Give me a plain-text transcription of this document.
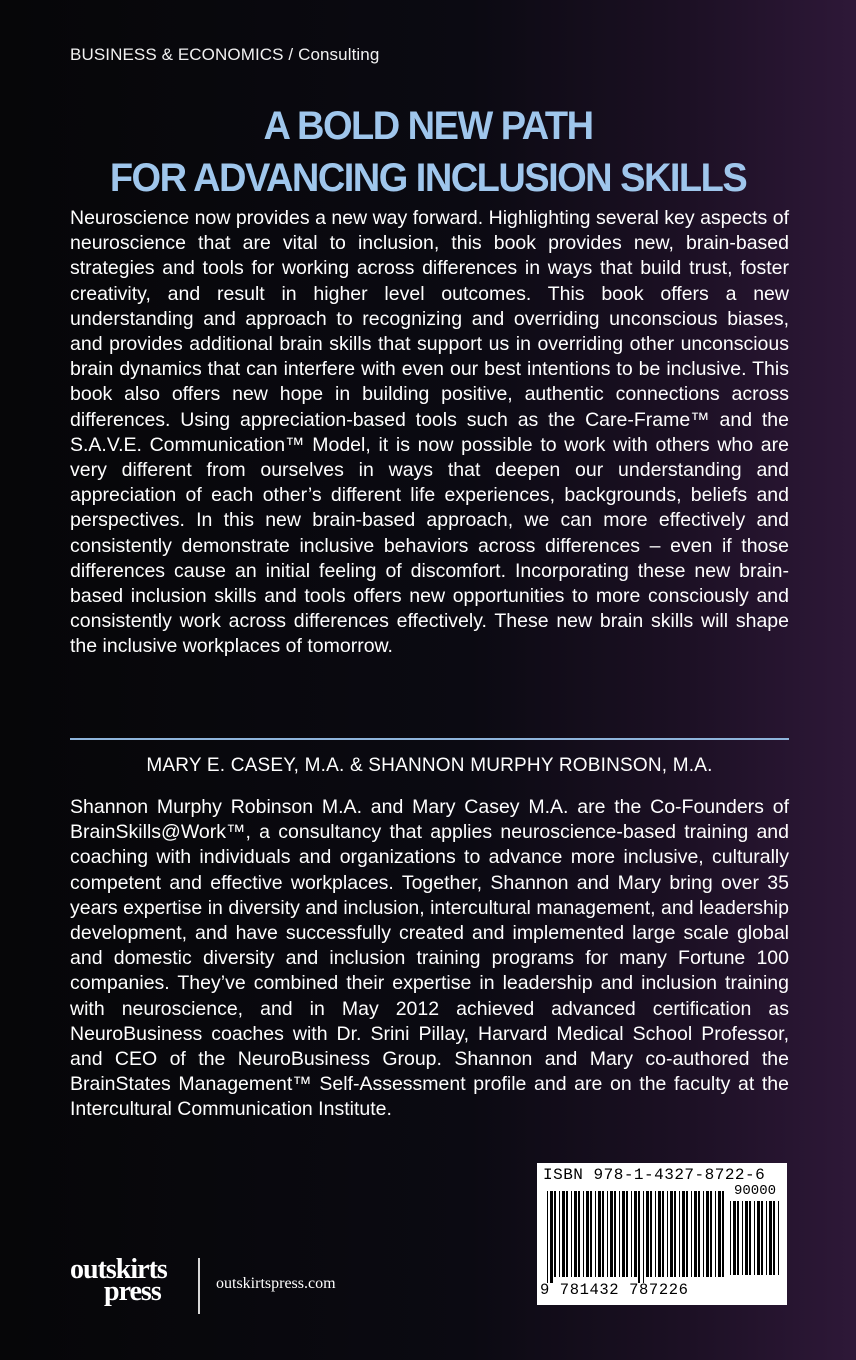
BUSINESS & ECONOMICS / Consulting
A BOLD NEW PATH
FOR ADVANCING INCLUSION SKILLS
Neuroscience now provides a new way forward. Highlighting several key aspects of neuroscience that are vital to inclusion, this book provides new, brain-based strategies and tools for working across differences in ways that build trust, foster creativity, and result in higher level outcomes. This book offers a new understanding and approach to recognizing and overriding unconscious biases, and provides additional brain skills that support us in overriding other unconscious brain dynamics that can interfere with even our best intentions to be inclusive. This book also offers new hope in building positive, authentic connections across differences. Using appreciation-based tools such as the Care-Frame™ and the S.A.V.E. Communication™ Model, it is now possible to work with others who are very different from ourselves in ways that deepen our understanding and appreciation of each other’s different life experiences, backgrounds, beliefs and perspectives. In this new brain-based approach, we can more effectively and consistently demonstrate inclusive behaviors across differences – even if those differences cause an initial feeling of discomfort. Incorporating these new brain-based inclusion skills and tools offers new opportunities to more consciously and consistently work across differences effectively. These new brain skills will shape the inclusive workplaces of tomorrow.
MARY E. CASEY, M.A. & SHANNON MURPHY ROBINSON, M.A.
Shannon Murphy Robinson M.A. and Mary Casey M.A. are the Co-Founders of BrainSkills@Work™, a consultancy that applies neuroscience-based training and coaching with individuals and organizations to advance more inclusive, culturally competent and effective workplaces. Together, Shannon and Mary bring over 35 years expertise in diversity and inclusion, intercultural management, and leadership development, and have successfully created and implemented large scale global and domestic diversity and inclusion training programs for many Fortune 100 companies. They’ve combined their expertise in leadership and inclusion training with neuroscience, and in May 2012 achieved advanced certification as NeuroBusiness coaches with Dr. Srini Pillay, Harvard Medical School Professor, and CEO of the NeuroBusiness Group. Shannon and Mary co-authored the BrainStates Management™ Self-Assessment profile and are on the faculty at the Intercultural Communication Institute.
ISBN 978-1-4327-8722-6
90000
9 781432 787226
outskirts
press	outskirtspress.com
